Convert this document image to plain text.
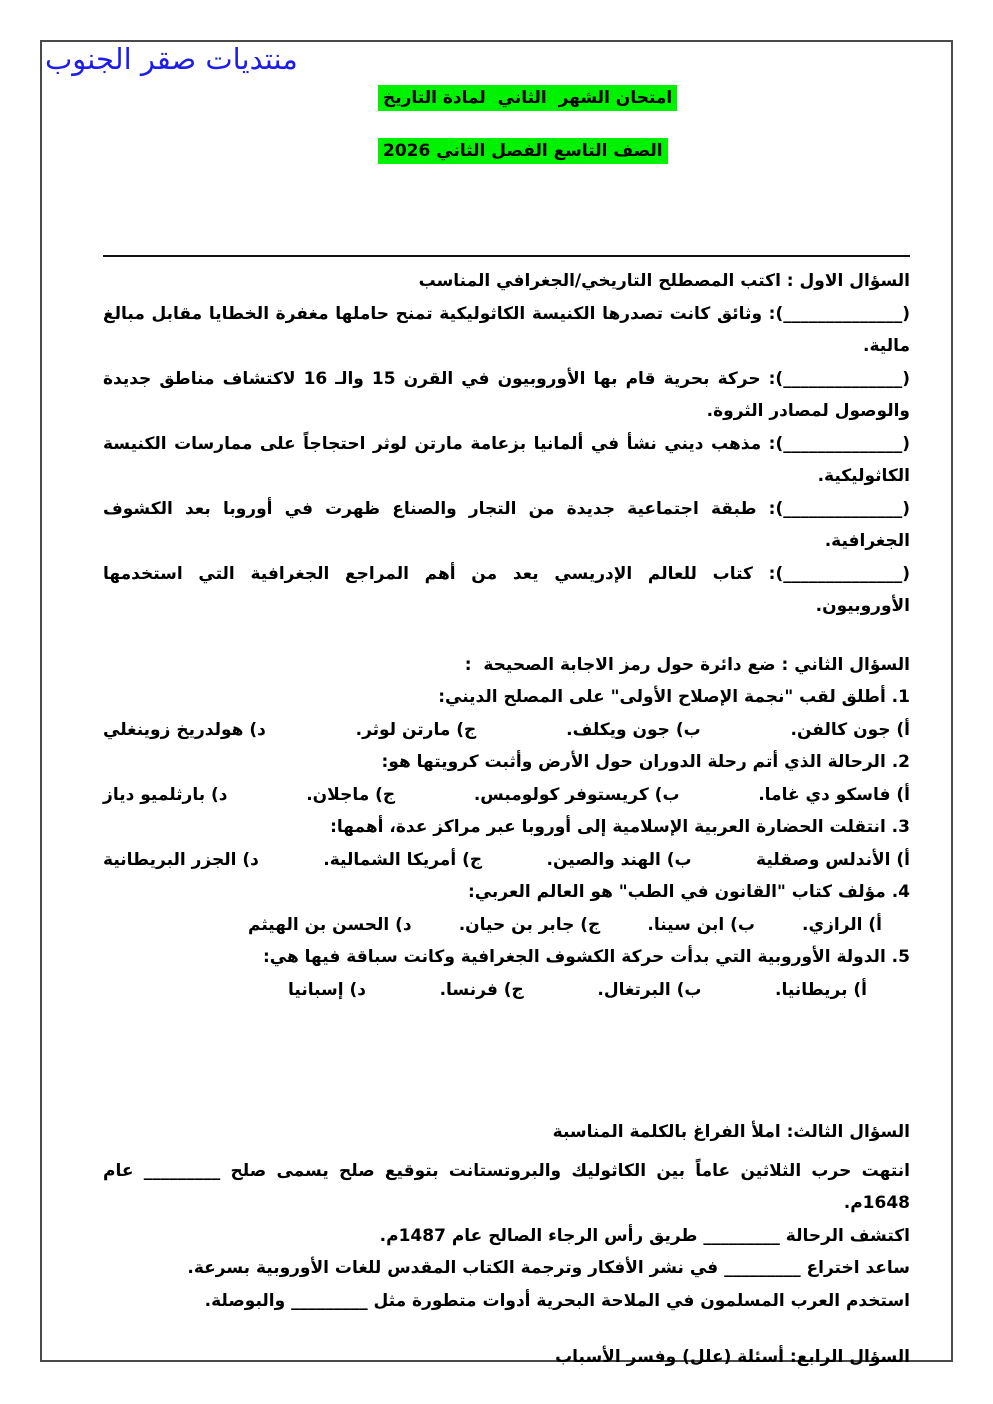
منتديات صقر الجنوب
امتحان الشهر  الثاني  لمادة التاريخ
الصف التاسع الفصل الثاني 2026

السؤال الاول : اكتب المصطلح التاريخي/الجغرافي المناسب

(______________): وثائق كانت تصدرها الكنيسة الكاثوليكية تمنح حاملها مغفرة الخطايا مقابل مبالغ مالية.

(______________): حركة بحرية قام بها الأوروبيون في القرن 15 والـ 16 لاكتشاف مناطق جديدة والوصول لمصادر الثروة.

(______________): مذهب ديني نشأ في ألمانيا بزعامة مارتن لوثر احتجاجاً على ممارسات الكنيسة الكاثوليكية.

(______________): طبقة اجتماعية جديدة من التجار والصناع ظهرت في أوروبا بعد الكشوف الجغرافية.

(______________): كتاب للعالم الإدريسي يعد من أهم المراجع الجغرافية التي استخدمها الأوروبيون.

السؤال الثاني : ضع دائرة حول رمز الاجابة الصحيحة  :

1. أطلق لقب "نجمة الإصلاح الأولى" على المصلح الديني:

أ) جون كالفن.
ب) جون ويكلف.
ج) مارتن لوثر.
د) هولدريخ زوينغلي

2. الرحالة الذي أتم رحلة الدوران حول الأرض وأثبت كرويتها هو:

أ) فاسكو دي غاما.
ب) كريستوفر كولومبس.
ج) ماجلان.
د) بارثلميو دياز

3. انتقلت الحضارة العربية الإسلامية إلى أوروبا عبر مراكز عدة، أهمها:

أ) الأندلس وصقلية
ب) الهند والصين.
ج) أمريكا الشمالية.
د) الجزر البريطانية

4. مؤلف كتاب "القانون في الطب" هو العالم العربي:

أ) الرازي.
ب) ابن سينا.
ج) جابر بن حيان.
د) الحسن بن الهيثم

5. الدولة الأوروبية التي بدأت حركة الكشوف الجغرافية وكانت سباقة فيها هي:

أ) بريطانيا.
ب) البرتغال.
ج) فرنسا.
د) إسبانيا

السؤال الثالث: املأ الفراغ بالكلمة المناسبة

انتهت حرب الثلاثين عاماً بين الكاثوليك والبروتستانت بتوقيع صلح يسمى صلح _________ عام 1648م.

اكتشف الرحالة _________ طريق رأس الرجاء الصالح عام 1487م.

ساعد اختراع _________ في نشر الأفكار وترجمة الكتاب المقدس للغات الأوروبية بسرعة.

استخدم العرب المسلمون في الملاحة البحرية أدوات متطورة مثل _________ والبوصلة.

السؤال الرابع: أسئلة (علل) وفسر الأسباب
